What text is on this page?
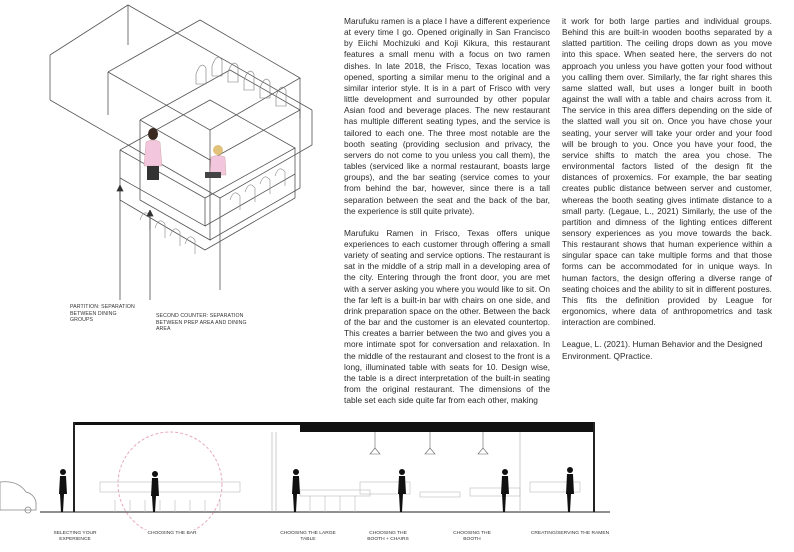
PARTITION: SEPARATION BETWEEN DINING GROUPS
SECOND COUNTER: SEPARATION BETWEEN PREP AREA AND DINING AREA

Marufuku ramen is a place I have a different experience at every time I go. Opened originally in San Francisco by Eiichi Mochizuki and Koji Kikura, this restaurant features a small menu with a focus on two ramen dishes. In late 2018, the Frisco, Texas location was opened, sporting a similar menu to the original and a similar interior style. It is in a part of Frisco with very little development and surrounded by other popular Asian food and beverage places. The new restaurant has multiple different seating types, and the service is tailored to each one. The three most notable are the booth seating (providing seclusion and privacy, the servers do not come to you unless you call them), the tables (serviced like a normal restaurant, boasts large groups), and the bar seating (service comes to your from behind the bar, however, since there is a tall separation between the seat and the back of the bar, the experience is still quite private).

Marufuku Ramen in Frisco, Texas offers unique experiences to each customer through offering a small variety of seating and service options. The restaurant is sat in the middle of a strip mall in a developing area of the city. Entering through the front door, you are met with a server asking you where you would like to sit. On the far left is a built-in bar with chairs on one side, and drink preparation space on the other. Between the back of the bar and the customer is an elevated countertop. This creates a barrier between the two and gives you a more intimate spot for conversation and relaxation. In the middle of the restaurant and closest to the front is a long, illuminated table with seats for 10. Design wise, the table is a direct interpretation of the built-in seating from the original restaurant. The dimensions of the table set each side quite far from each other, making

it work for both large parties and individual groups. Behind this are built-in wooden booths separated by a slatted partition. The ceiling drops down as you move into this space. When seated here, the servers do not approach you unless you have gotten your food without you calling them over. Similarly, the far right shares this same slatted wall, but uses a longer built in booth against the wall with a table and chairs across from it. The service in this area differs depending on the side of the slatted wall you sit on. Once you have chose your seating, your server will take your order and your food will be brough to you. Once you have your food, the service shifts to match the area you chose. The environmental factors listed of the design fit the distances of proxemics. For example, the bar seating creates public distance between server and customer, whereas the booth seating gives intimate distance to a small party. (Legaue, L., 2021) Similarly, the use of the partition and dimness of the lighting entices different sensory experiences as you move towards the back. This restaurant shows that human experience within a singular space can take multiple forms and that those forms can be accommodated for in unique ways. In human factors, the design offering a diverse range of seating choices and the ability to sit in different postures. This fits the definition provided by League for ergonomics, where data of anthropometrics and task interaction are combined.

League, L. (2021). Human Behavior and the Designed Environment. QPractice.

SELECTING YOUR EXPERIENCE
CHOOSING THE BAR	CHOOSING THE LARGE TABLE
CHOOSING THE BOOTH + CHAIRS
CHOOSING THE BOOTH
CREATING/SERVING THE RAMEN
